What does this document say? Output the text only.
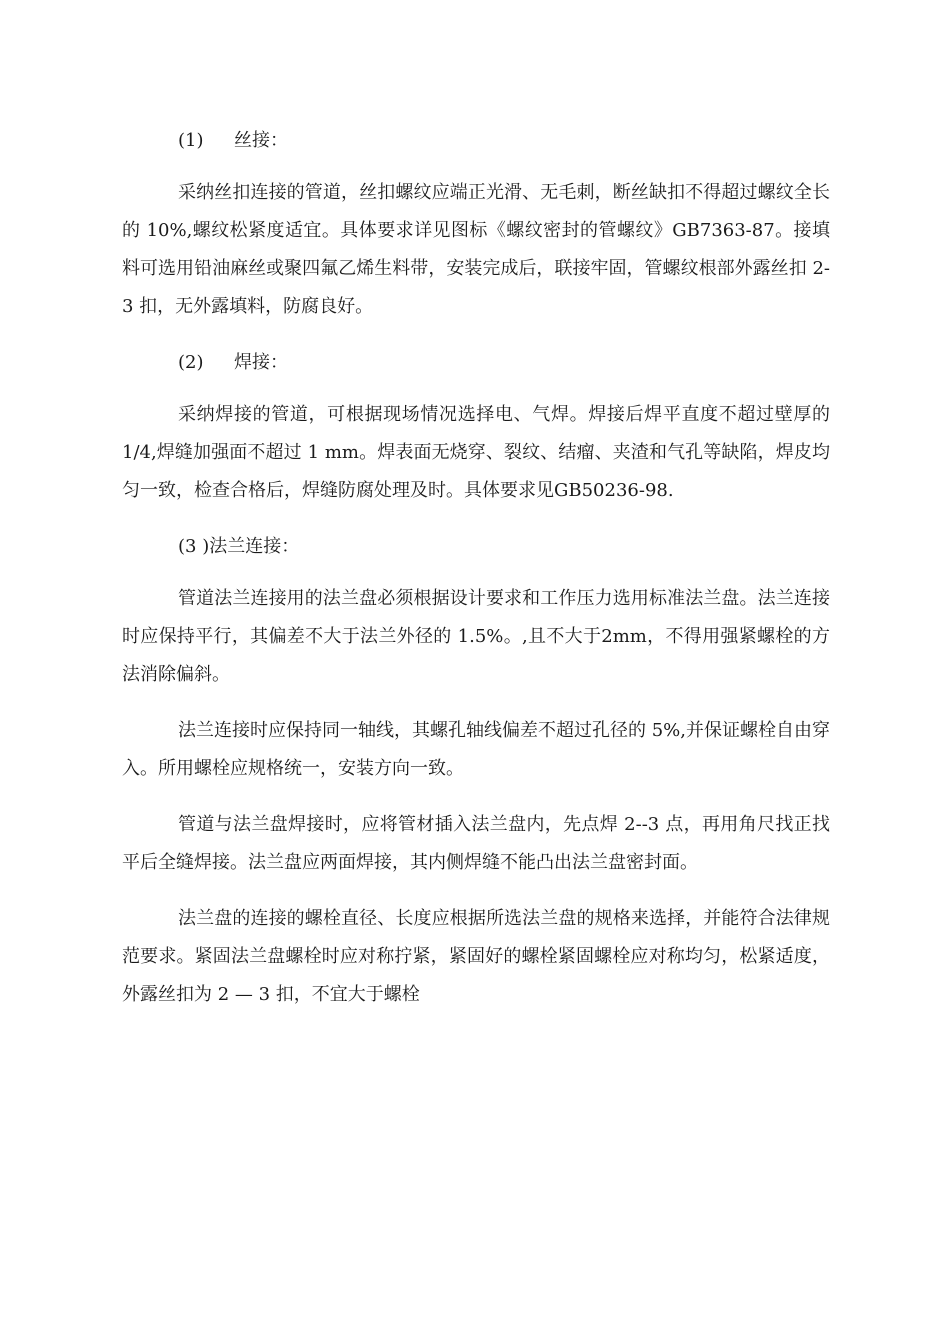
(1) 丝接：

采纳丝扣连接的管道，丝扣螺纹应端正光滑、无毛刺，断丝缺扣不得超过螺纹全长的 10%,螺纹松紧度适宜。具体要求详见图标《螺纹密封的管螺纹》GB7363-87。接填料可选用铅油麻丝或聚四氟乙烯生料带，安装完成后，联接牢固，管螺纹根部外露丝扣 2-3 扣，无外露填料，防腐良好。

(2) 焊接：

采纳焊接的管道，可根据现场情况选择电、气焊。焊接后焊平直度不超过壁厚的 1/4,焊缝加强面不超过 1 mm。焊表面无烧穿、裂纹、结瘤、夹渣和气孔等缺陷，焊皮均匀一致，检查合格后，焊缝防腐处理及时。具体要求见GB50236-98.

(3 )法兰连接：

管道法兰连接用的法兰盘必须根据设计要求和工作压力选用标准法兰盘。法兰连接时应保持平行，其偏差不大于法兰外径的 1.5%。,且不大于2mm，不得用强紧螺栓的方法消除偏斜。

法兰连接时应保持同一轴线，其螺孔轴线偏差不超过孔径的 5%,并保证螺栓自由穿入。所用螺栓应规格统一，安装方向一致。

管道与法兰盘焊接时，应将管材插入法兰盘内，先点焊 2--3 点，再用角尺找正找平后全缝焊接。法兰盘应两面焊接，其内侧焊缝不能凸出法兰盘密封面。

法兰盘的连接的螺栓直径、长度应根据所选法兰盘的规格来选择，并能符合法律规范要求。紧固法兰盘螺栓时应对称拧紧，紧固好的螺栓紧固螺栓应对称均匀，松紧适度，外露丝扣为 2 — 3 扣，不宜大于螺栓
